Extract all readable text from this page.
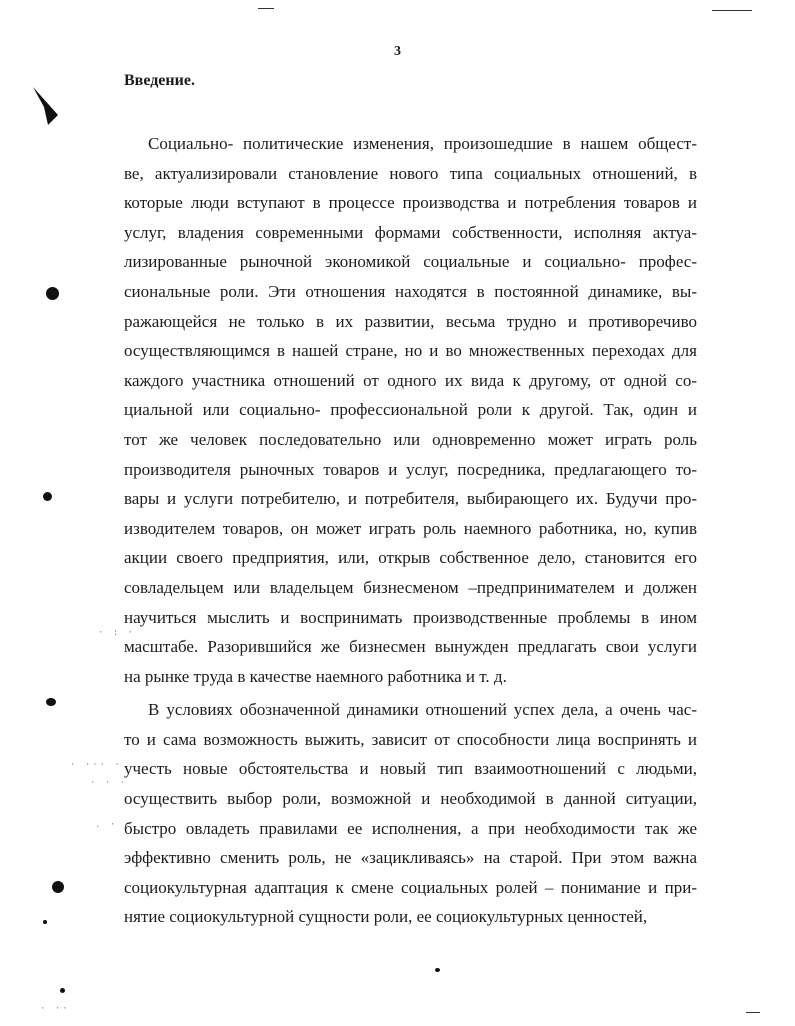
3
Введение.
Социально- политические изменения, произошедшие в нашем общест-
ве, актуализировали становление нового типа социальных отношений, в
которые люди вступают в процессе производства и потребления товаров и
услуг, владения современными формами собственности, исполняя актуа-
лизированные рыночной экономикой социальные и социально- профес-
сиональные роли. Эти отношения находятся в постоянной динамике, вы-
ражающейся не только в их развитии, весьма трудно и противоречиво
осуществляющимся в нашей стране, но и во множественных переходах для
каждого участника отношений от одного их вида к другому, от одной со-
циальной или социально- профессиональной роли к другой. Так, один и
тот же человек последовательно или одновременно может играть роль
производителя рыночных товаров и услуг, посредника, предлагающего то-
вары и услуги потребителю, и потребителя, выбирающего их. Будучи про-
изводителем товаров, он может играть роль наемного работника, но, купив
акции своего предприятия, или, открыв собственное дело, становится его
совладельцем или владельцем бизнесменом –предпринимателем и должен
научиться мыслить и воспринимать производственные проблемы в ином
масштабе. Разорившийся же бизнесмен вынужден предлагать свои услуги
на рынке труда в качестве наемного работника и т. д.
В условиях обозначенной динамики отношений успех дела, а очень час-
то и сама возможность выжить, зависит от способности лица воспринять и
учесть новые обстоятельства и новый тип взаимоотношений с людьми,
осуществить выбор роли, возможной и необходимой в данной ситуации,
быстро овладеть правилами ее исполнения, а при необходимости так же
эффективно сменить роль, не «зацикливаясь» на старой. При этом важна
социокультурная адаптация к смене социальных ролей – понимание и при-
нятие социокультурной сущности роли, ее социокультурных ценностей,
· : ·
· ··· ·
· · ·
. · .
· ··
